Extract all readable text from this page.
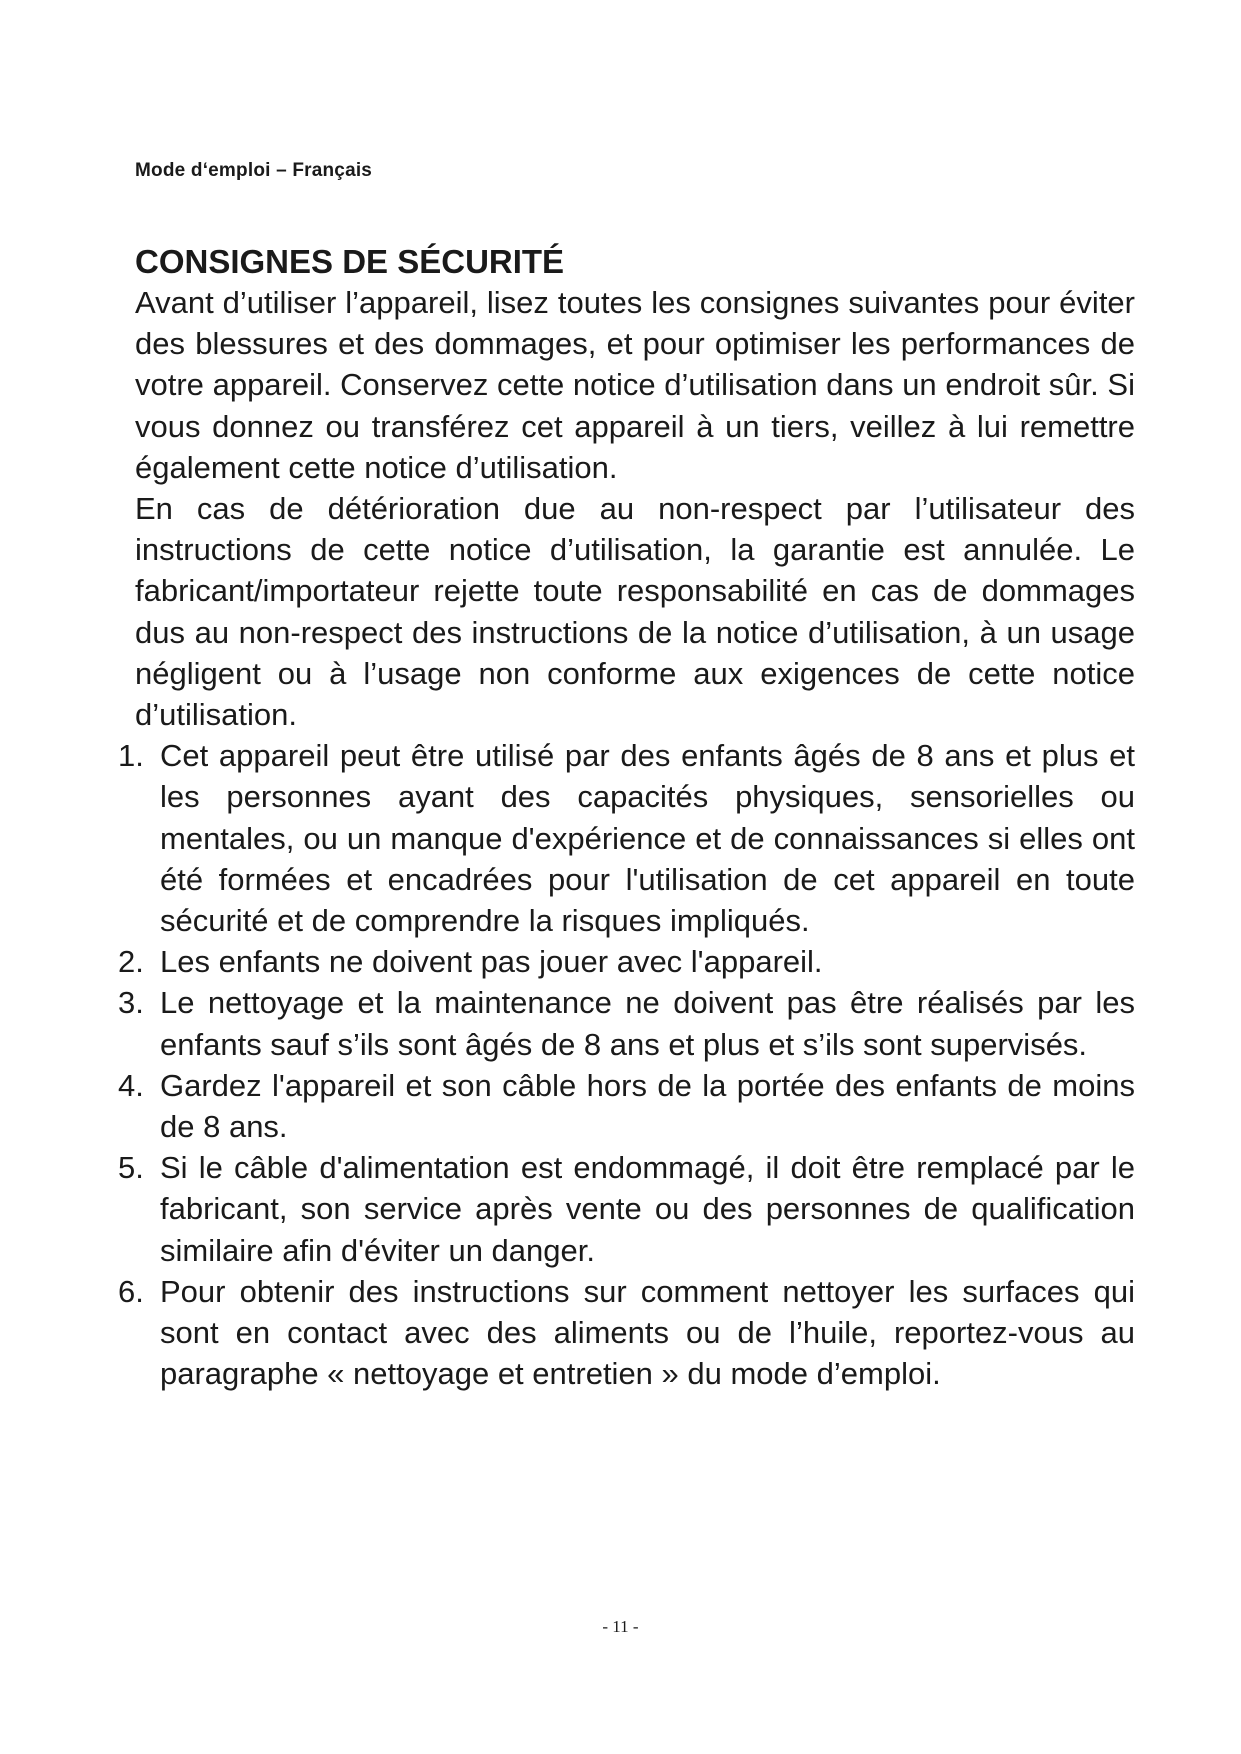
Mode d‘emploi – Français
CONSIGNES DE SÉCURITÉ

Avant d’utiliser l’appareil, lisez toutes les consignes suivantes pour éviter des blessures et des dommages, et pour optimiser les performances de votre appareil. Conservez cette notice d’utilisation dans un endroit sûr. Si vous donnez ou transférez cet appareil à un tiers, veillez à lui remettre également cette notice d’utilisation.

En cas de détérioration due au non-respect par l’utilisateur des instructions de cette notice d’utilisation, la garantie est annulée. Le fabricant/importateur rejette toute responsabilité en cas de dommages dus au non-respect des instructions de la notice d’utilisation, à un usage négligent ou à l’usage non conforme aux exigences de cette notice d’utilisation.

1. Cet appareil peut être utilisé par des enfants âgés de 8 ans et plus et les personnes ayant des capacités physiques, sensorielles ou mentales, ou un manque d'expérience et de connaissances si elles ont été formées et encadrées pour l'utilisation de cet appareil en toute sécurité et de comprendre la risques impliqués.
2. Les enfants ne doivent pas jouer avec l'appareil.
3. Le nettoyage et la maintenance ne doivent pas être réalisés par les enfants sauf s’ils sont âgés de 8 ans et plus et s’ils sont supervisés.
4. Gardez l'appareil et son câble hors de la portée des enfants de moins de 8 ans.
5. Si le câble d'alimentation est endommagé, il doit être remplacé par le fabricant, son service après vente ou des personnes de qualification similaire afin d'éviter un danger.
6. Pour obtenir des instructions sur comment nettoyer les surfaces qui sont en contact avec des aliments ou de l’huile, reportez-vous au paragraphe « nettoyage et entretien » du mode d’emploi.
- 11 -
